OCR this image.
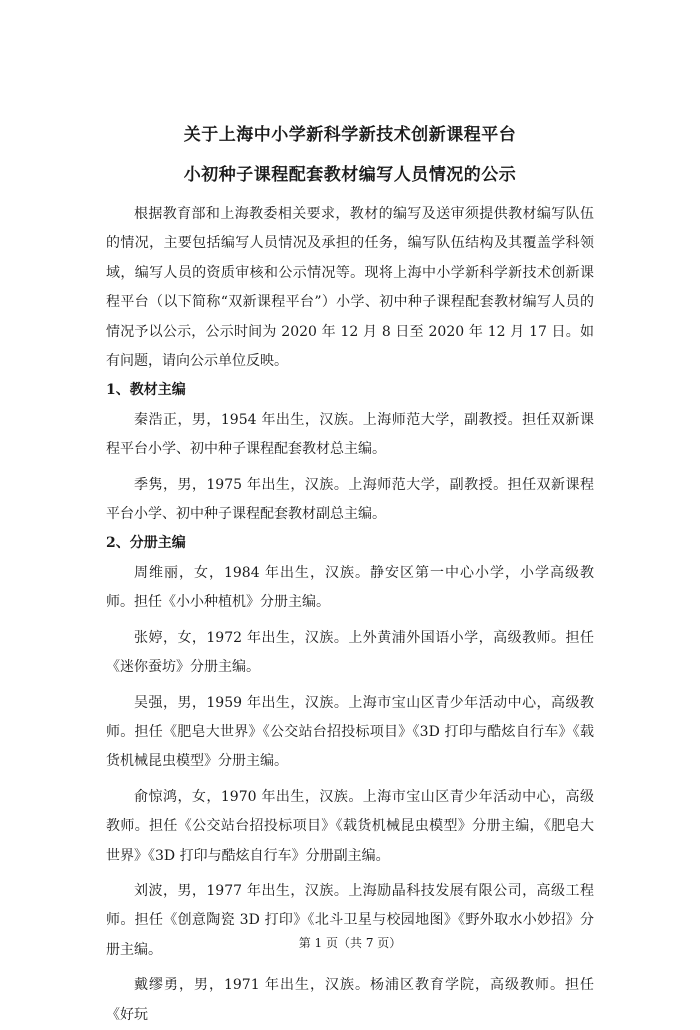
关于上海中小学新科学新技术创新课程平台
小初种子课程配套教材编写人员情况的公示

根据教育部和上海教委相关要求，教材的编写及送审须提供教材编写队伍的情况，主要包括编写人员情况及承担的任务，编写队伍结构及其覆盖学科领域，编写人员的资质审核和公示情况等。现将上海中小学新科学新技术创新课程平台（以下简称“双新课程平台”）小学、初中种子课程配套教材编写人员的情况予以公示，公示时间为 2020 年 12 月 8 日至 2020 年 12 月 17 日。如有问题，请向公示单位反映。

1、教材主编

秦浩正，男，1954 年出生，汉族。上海师范大学，副教授。担任双新课程平台小学、初中种子课程配套教材总主编。

季隽，男，1975 年出生，汉族。上海师范大学，副教授。担任双新课程平台小学、初中种子课程配套教材副总主编。

2、分册主编

周维丽，女，1984 年出生，汉族。静安区第一中心小学，小学高级教师。担任《小小种植机》分册主编。

张婷，女，1972 年出生，汉族。上外黄浦外国语小学，高级教师。担任《迷你蚕坊》分册主编。

吴强，男，1959 年出生，汉族。上海市宝山区青少年活动中心，高级教师。担任《肥皂大世界》《公交站台招投标项目》《3D 打印与酷炫自行车》《载货机械昆虫模型》分册主编。

俞惊鸿，女，1970 年出生，汉族。上海市宝山区青少年活动中心，高级教师。担任《公交站台招投标项目》《载货机械昆虫模型》分册主编，《肥皂大世界》《3D 打印与酷炫自行车》分册副主编。

刘波，男，1977 年出生，汉族。上海励晶科技发展有限公司，高级工程师。担任《创意陶瓷 3D 打印》《北斗卫星与校园地图》《野外取水小妙招》分册主编。

戴缪勇，男，1971 年出生，汉族。杨浦区教育学院，高级教师。担任《好玩

第 1 页（共 7 页）
